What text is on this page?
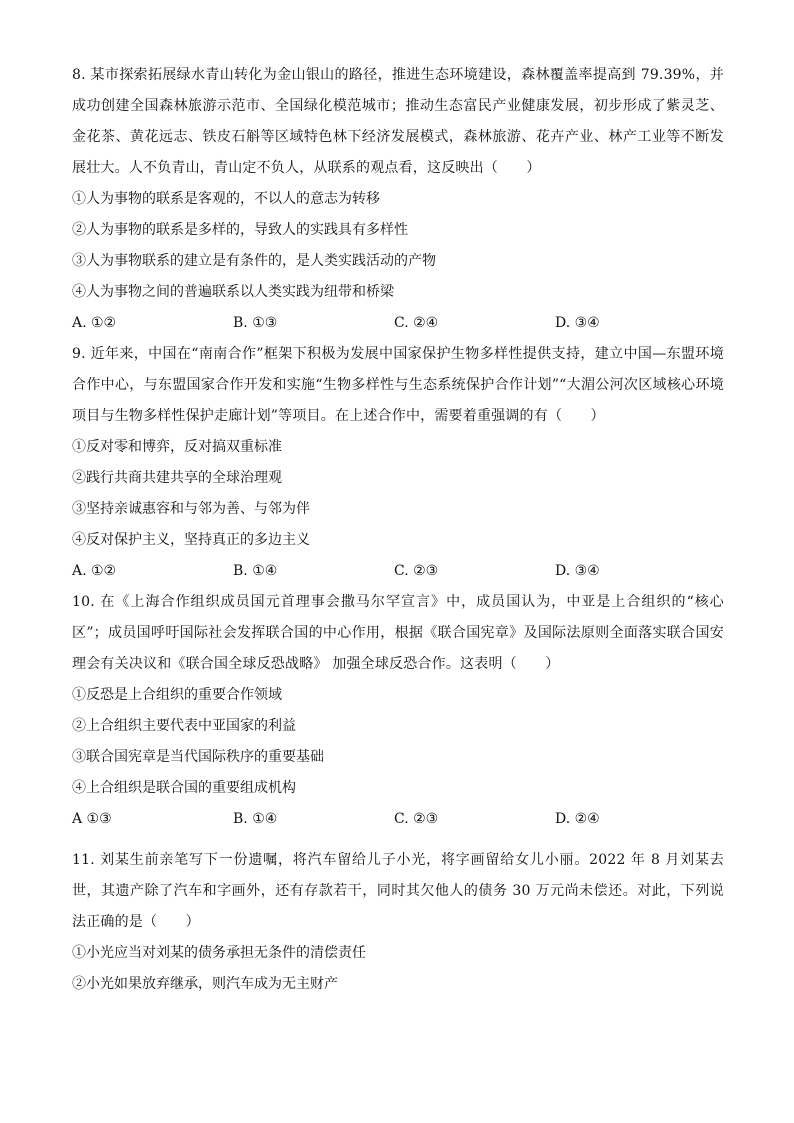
8. 某市探索拓展绿水青山转化为金山银山的路径，推进生态环境建设，森林覆盖率提高到 79.39%，并成功创建全国森林旅游示范市、全国绿化模范城市；推动生态富民产业健康发展，初步形成了紫灵芝、金花茶、黄花远志、铁皮石斛等区域特色林下经济发展模式，森林旅游、花卉产业、林产工业等不断发展壮大。人不负青山，青山定不负人，从联系的观点看，这反映出（　　）

①人为事物的联系是客观的，不以人的意志为转移

②人为事物的联系是多样的，导致人的实践具有多样性

③人为事物联系的建立是有条件的，是人类实践活动的产物

④人为事物之间的普遍联系以人类实践为纽带和桥梁

A. ①②	B. ①③	C. ②④	D. ③④

9. 近年来，中国在“南南合作”框架下积极为发展中国家保护生物多样性提供支持，建立中国—东盟环境合作中心，与东盟国家合作开发和实施“生物多样性与生态系统保护合作计划”“大湄公河次区域核心环境项目与生物多样性保护走廊计划”等项目。在上述合作中，需要着重强调的有（　　）

①反对零和博弈，反对搞双重标准

②践行共商共建共享的全球治理观

③坚持亲诚惠容和与邻为善、与邻为伴

④反对保护主义，坚持真正的多边主义

A. ①②	B. ①④	C. ②③	D. ③④

10. 在《上海合作组织成员国元首理事会撒马尔罕宣言》中，成员国认为，中亚是上合组织的“核心区”；成员国呼吁国际社会发挥联合国的中心作用，根据《联合国宪章》及国际法原则全面落实联合国安理会有关决议和《联合国全球反恐战略》 加强全球反恐合作。这表明（　　）

①反恐是上合组织的重要合作领域

②上合组织主要代表中亚国家的利益

③联合国宪章是当代国际秩序的重要基础

④上合组织是联合国的重要组成机构

A ①③	B. ①④	C. ②③	D. ②④

11. 刘某生前亲笔写下一份遗嘱，将汽车留给儿子小光，将字画留给女儿小丽。2022 年 8 月刘某去世，其遗产除了汽车和字画外，还有存款若干，同时其欠他人的债务 30 万元尚未偿还。对此，下列说法正确的是（　　）

①小光应当对刘某的债务承担无条件的清偿责任

②小光如果放弃继承，则汽车成为无主财产
